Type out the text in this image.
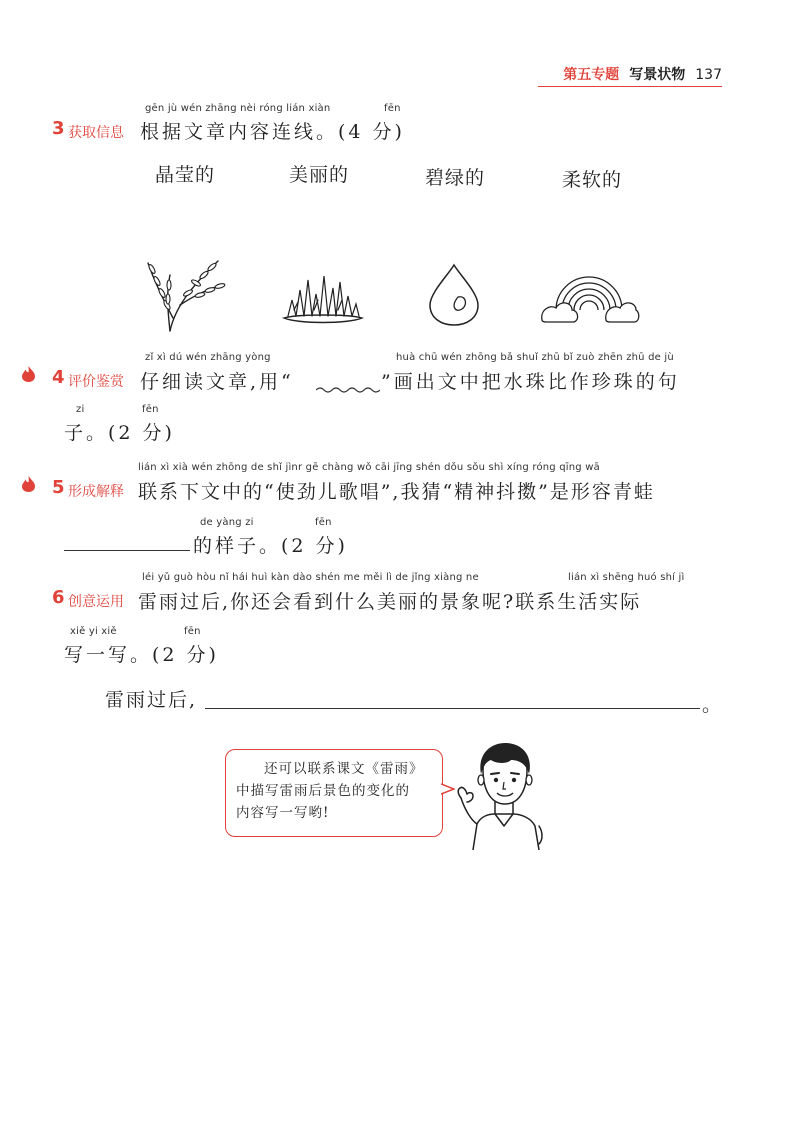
第五专题 写景状物 137
3 获取信息
gēn jù wén zhāng nèi róng lián xiàn	fēn
根据文章内容连线。(4 分)
晶莹的	美丽的	碧绿的	柔软的
4 评价鉴赏
zǐ xì dú wén zhāng yòng	huà chū wén zhōng bǎ shuǐ zhū bǐ zuò zhēn zhū de jù
仔细读文章,用“	”画出文中把水珠比作珍珠的句
zi	fēn
子。(2 分)
5 形成解释
lián xì xià wén zhōng de shǐ jìnr gē chàng wǒ cāi jīng shén dǒu sǒu shì xíng róng qīng wā
联系下文中的“使劲儿歌唱”,我猜“精神抖擞”是形容青蛙
de yàng zi	fēn
的样子。(2 分)
6 创意运用
léi yǔ guò hòu nǐ hái huì kàn dào shén me měi lì de jǐng xiàng ne	lián xì shēng huó shí jì
雷雨过后,你还会看到什么美丽的景象呢?联系生活实际
xiě yi xiě	fēn
写一写。(2 分)
雷雨过后,	。

还可以联系课文《雷雨》

中描写雷雨后景色的变化的

内容写一写哟!
